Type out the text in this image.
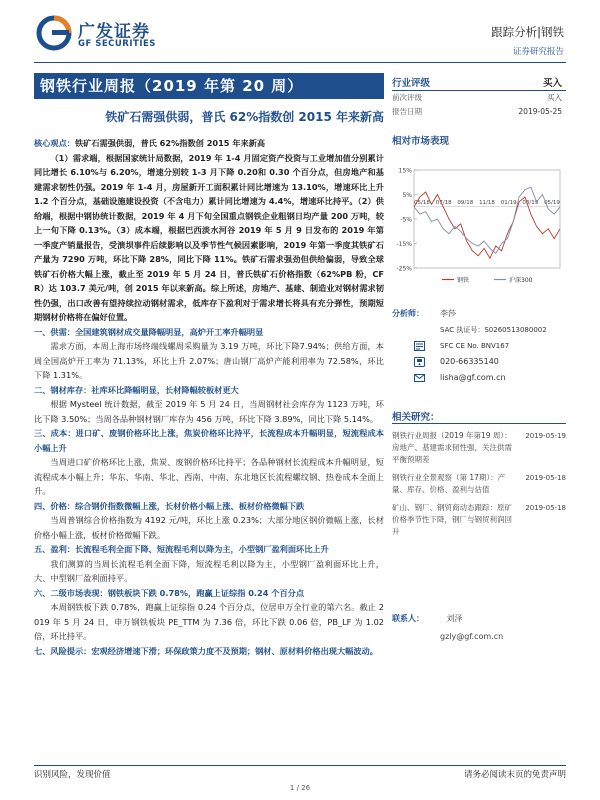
广发证券
GF SECURITIES
跟踪分析|钢铁
证券研究报告
钢铁行业周报（2019 年第 20 周）
铁矿石需强供弱，普氏 62%指数创 2015 年来新高

核心观点：铁矿石需强供弱，普氏 62%指数创 2015 年来新高

（1）需求端，根据国家统计局数据，2019 年 1-4 月固定资产投资与工业增加值分别累计同比增长 6.10%与 6.20%，增速分别较 1-3 月下降 0.20和 0.30 个百分点，但房地产和基建需求韧性仍强。2019 年 1-4 月，房屋新开工面积累计同比增速为 13.10%，增速环比上升 1.2 个百分点，基础设施建设投资（不含电力）累计同比增速为 4.4%，增速环比持平。（2）供给端，根据中钢协统计数据，2019 年 4 月下旬全国重点钢铁企业粗钢日均产量 200 万吨，较上一旬下降 0.13%。（3）成本端，根据巴西淡水河谷 2019 年 5 月 9 日发布的 2019 年第一季度产销量报告，受溃坝事件后续影响以及季节性气候因素影响，2019 年第一季度其铁矿石产量为 7290 万吨，环比下降 28%，同比下降 11%。铁矿石需求强劲但供给偏弱，导致全球铁矿石价格大幅上涨，截止至 2019 年 5 月 24 日，普氏铁矿石价格指数（62%PB 粉，CFR）达 103.7 美元/吨，创 2015 年以来新高。综上所述，房地产、基建、制造业对钢材需求韧性仍强，出口改善有望持续拉动钢材需求，低库存下盈利对于需求增长将具有充分弹性，预期短期钢材价格将在偏好位置。

一、供需：全国建筑钢材成交量降幅明显，高炉开工率升幅明显

需求方面，本周上海市场终端线螺周采购量为 3.19 万吨，环比下降7.94%；供给方面，本周全国高炉开工率为 71.13%，环比上升 2.07%；唐山钢厂高炉产能利用率为 72.58%，环比下降 1.31%。

二、钢材库存：社库环比降幅明显，长材降幅较板材更大

根据 Mysteel 统计数据，截至 2019 年 5 月 24 日，当周钢材社会库存为 1123 万吨，环比下降 3.50%；当周各品种钢材钢厂库存为 456 万吨，环比下降 3.89%，同比下降 5.14%。

三、成本：进口矿、废钢价格环比上涨，焦炭价格环比持平，长流程成本升幅明显，短流程成本小幅上升

当周进口矿价格环比上涨，焦炭、废钢价格环比持平；各品种钢材长流程成本升幅明显，短流程成本小幅上升；华东、华南、华北、西南、中南、东北地区长流程螺纹钢、热卷成本全面上升。

四、价格：综合钢价指数微幅上涨，长材价格小幅上涨、板材价格微幅下跌

当周普钢综合价格指数为 4192 元/吨，环比上涨 0.23%；大部分地区钢价微幅上涨，长材价格小幅上涨，板材价格微幅下跌。

五、盈利：长流程毛利全面下降、短流程毛利以降为主，小型钢厂盈利面环比上升

我们测算的当周长流程毛利全面下降，短流程毛利以降为主，小型钢厂盈利面环比上升，大、中型钢厂盈利面持平。

六、二级市场表现：钢铁板块下跌 0.78%，跑赢上证综指 0.24 个百分点

本周钢铁板下跌 0.78%，跑赢上证综指 0.24 个百分点，位居申万全行业的第六名。截止 2019 年 5 月 24 日，申万钢铁板块 PE_TTM 为 7.36 倍，环比下跌 0.06 倍，PB_LF 为 1.02 倍，环比持平。

七、风险提示：宏观经济增速下滑；环保政策力度不及预期；钢材、原材料价格出现大幅波动。

行业评级	买入
前次评级	买入
报告日期	2019-05-25
相对市场表现
15%
5%
-5%
-15%
-25%
05/18 07/18 09/18 11/18 01/19 03/19 05/19
钢铁	沪深300
分析师： 李莎
SAC 执证号：S0260513080002
SFC CE No. BNV167
020-66335140
lisha@gf.com.cn
相关研究：
钢铁行业周报（2019 年第19 周）：房地产、基建需求韧性强，关注供需平衡预期差
2019-05-19
钢铁行业全景观察（第 17期）：产量、库存、价格、盈利与估值
2019-05-18
矿山、钢厂、钢贸商动态跟踪：原矿价格季节性下降，钢厂与钢贸利润回升
2019-05-18
联系人：	刘泽
gzly@gf.com.cn
识别风险，发现价值	请务必阅读末页的免责声明
1 / 26
